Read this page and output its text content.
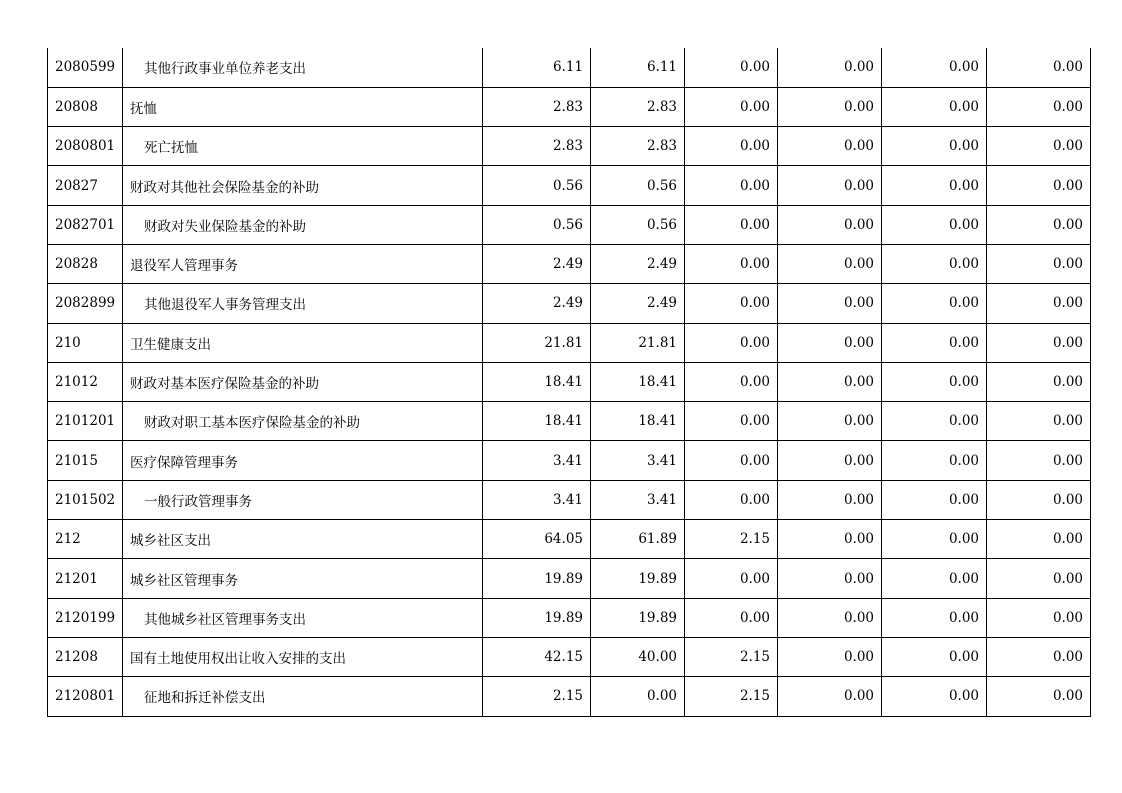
2080599	其他行政事业单位养老支出	6.11	6.11	0.00	0.00	0.00	0.00
20808	抚恤	2.83	2.83	0.00	0.00	0.00	0.00
2080801	死亡抚恤	2.83	2.83	0.00	0.00	0.00	0.00
20827	财政对其他社会保险基金的补助	0.56	0.56	0.00	0.00	0.00	0.00
2082701	财政对失业保险基金的补助	0.56	0.56	0.00	0.00	0.00	0.00
20828	退役军人管理事务	2.49	2.49	0.00	0.00	0.00	0.00
2082899	其他退役军人事务管理支出	2.49	2.49	0.00	0.00	0.00	0.00
210	卫生健康支出	21.81	21.81	0.00	0.00	0.00	0.00
21012	财政对基本医疗保险基金的补助	18.41	18.41	0.00	0.00	0.00	0.00
2101201	财政对职工基本医疗保险基金的补助	18.41	18.41	0.00	0.00	0.00	0.00
21015	医疗保障管理事务	3.41	3.41	0.00	0.00	0.00	0.00
2101502	一般行政管理事务	3.41	3.41	0.00	0.00	0.00	0.00
212	城乡社区支出	64.05	61.89	2.15	0.00	0.00	0.00
21201	城乡社区管理事务	19.89	19.89	0.00	0.00	0.00	0.00
2120199	其他城乡社区管理事务支出	19.89	19.89	0.00	0.00	0.00	0.00
21208	国有土地使用权出让收入安排的支出	42.15	40.00	2.15	0.00	0.00	0.00
2120801	征地和拆迁补偿支出	2.15	0.00	2.15	0.00	0.00	0.00
